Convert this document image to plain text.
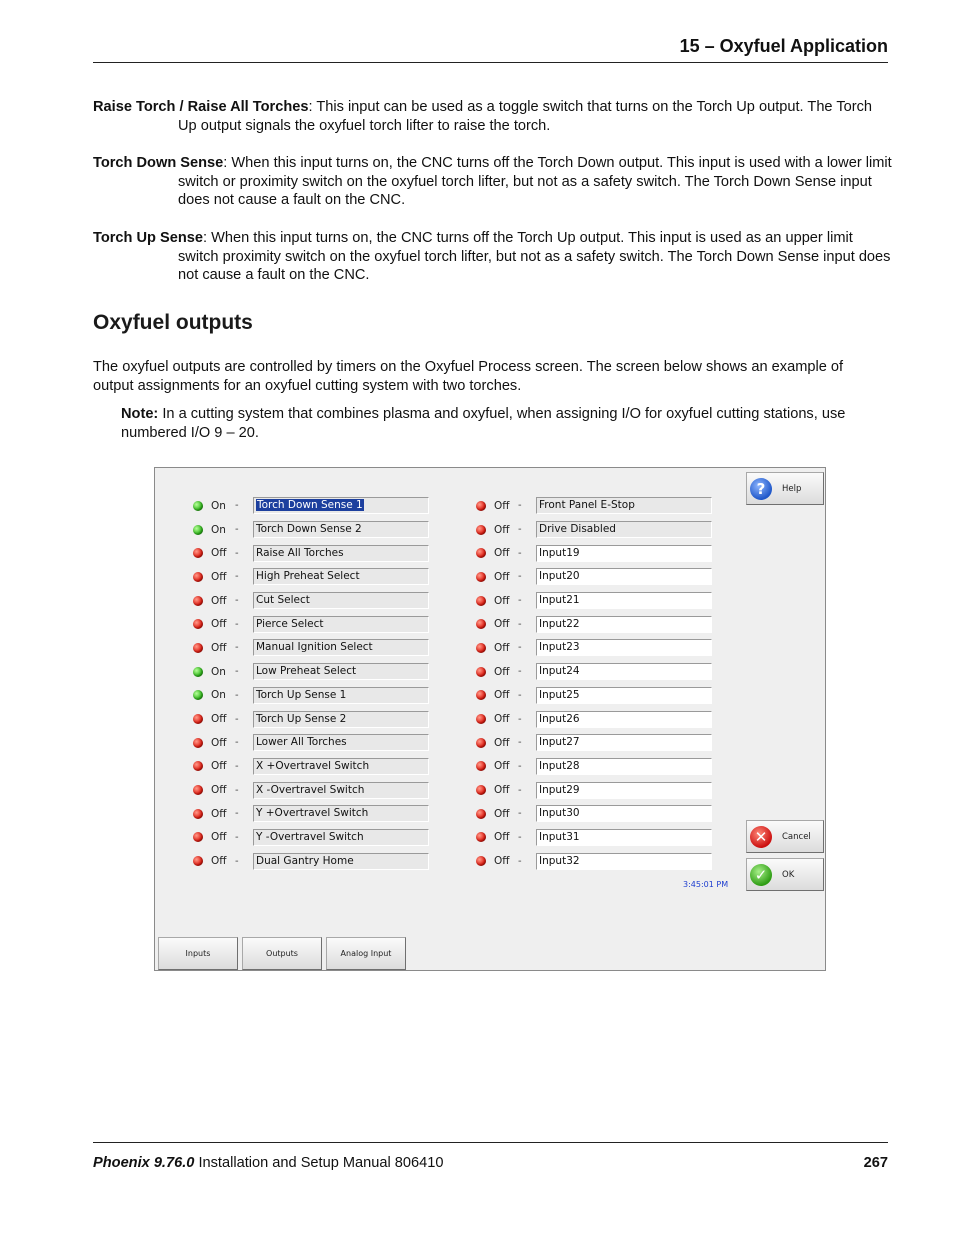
15 – Oxyfuel Application

Raise Torch / Raise All Torches: This input can be used as a toggle switch that turns on the Torch Up output. The Torch Up output signals the oxyfuel torch lifter to raise the torch.

Torch Down Sense: When this input turns on, the CNC turns off the Torch Down output. This input is used with a lower limit switch or proximity switch on the oxyfuel torch lifter, but not as a safety switch. The Torch Down Sense input does not cause a fault on the CNC.

Torch Up Sense: When this input turns on, the CNC turns off the Torch Up output. This input is used as an upper limit switch proximity switch on the oxyfuel torch lifter, but not as a safety switch. The Torch Down Sense input does not cause a fault on the CNC.

Oxyfuel outputs

The oxyfuel outputs are controlled by timers on the Oxyfuel Process screen. The screen below shows an example of output assignments for an oxyfuel cutting system with two torches.

Note: In a cutting system that combines plasma and oxyfuel, when assigning I/O for oxyfuel cutting stations, use numbered I/O 9 – 20.

On -	Torch Down Sense 1
On -	Torch Down Sense 2
Off -	Raise All Torches
Off -	High Preheat Select
Off -	Cut Select
Off -	Pierce Select
Off -	Manual Ignition Select
On -	Low Preheat Select
On -	Torch Up Sense 1
Off -	Torch Up Sense 2
Off -	Lower All Torches
Off -	X +Overtravel Switch
Off -	X -Overtravel Switch
Off -	Y +Overtravel Switch
Off -	Y -Overtravel Switch
Off -	Dual Gantry Home
Off -	Front Panel E-Stop
Off -	Drive Disabled
Off -	Input19
Off -	Input20
Off -	Input21
Off -	Input22
Off -	Input23
Off -	Input24
Off -	Input25
Off -	Input26
Off -	Input27
Off -	Input28
Off -	Input29
Off -	Input30
Off -	Input31
Off -	Input32
?	Help
✕	Cancel
✓	OK
3:45:01 PM
Inputs	Outputs	Analog Input
Phoenix 9.76.0 Installation and Setup Manual 806410	267
